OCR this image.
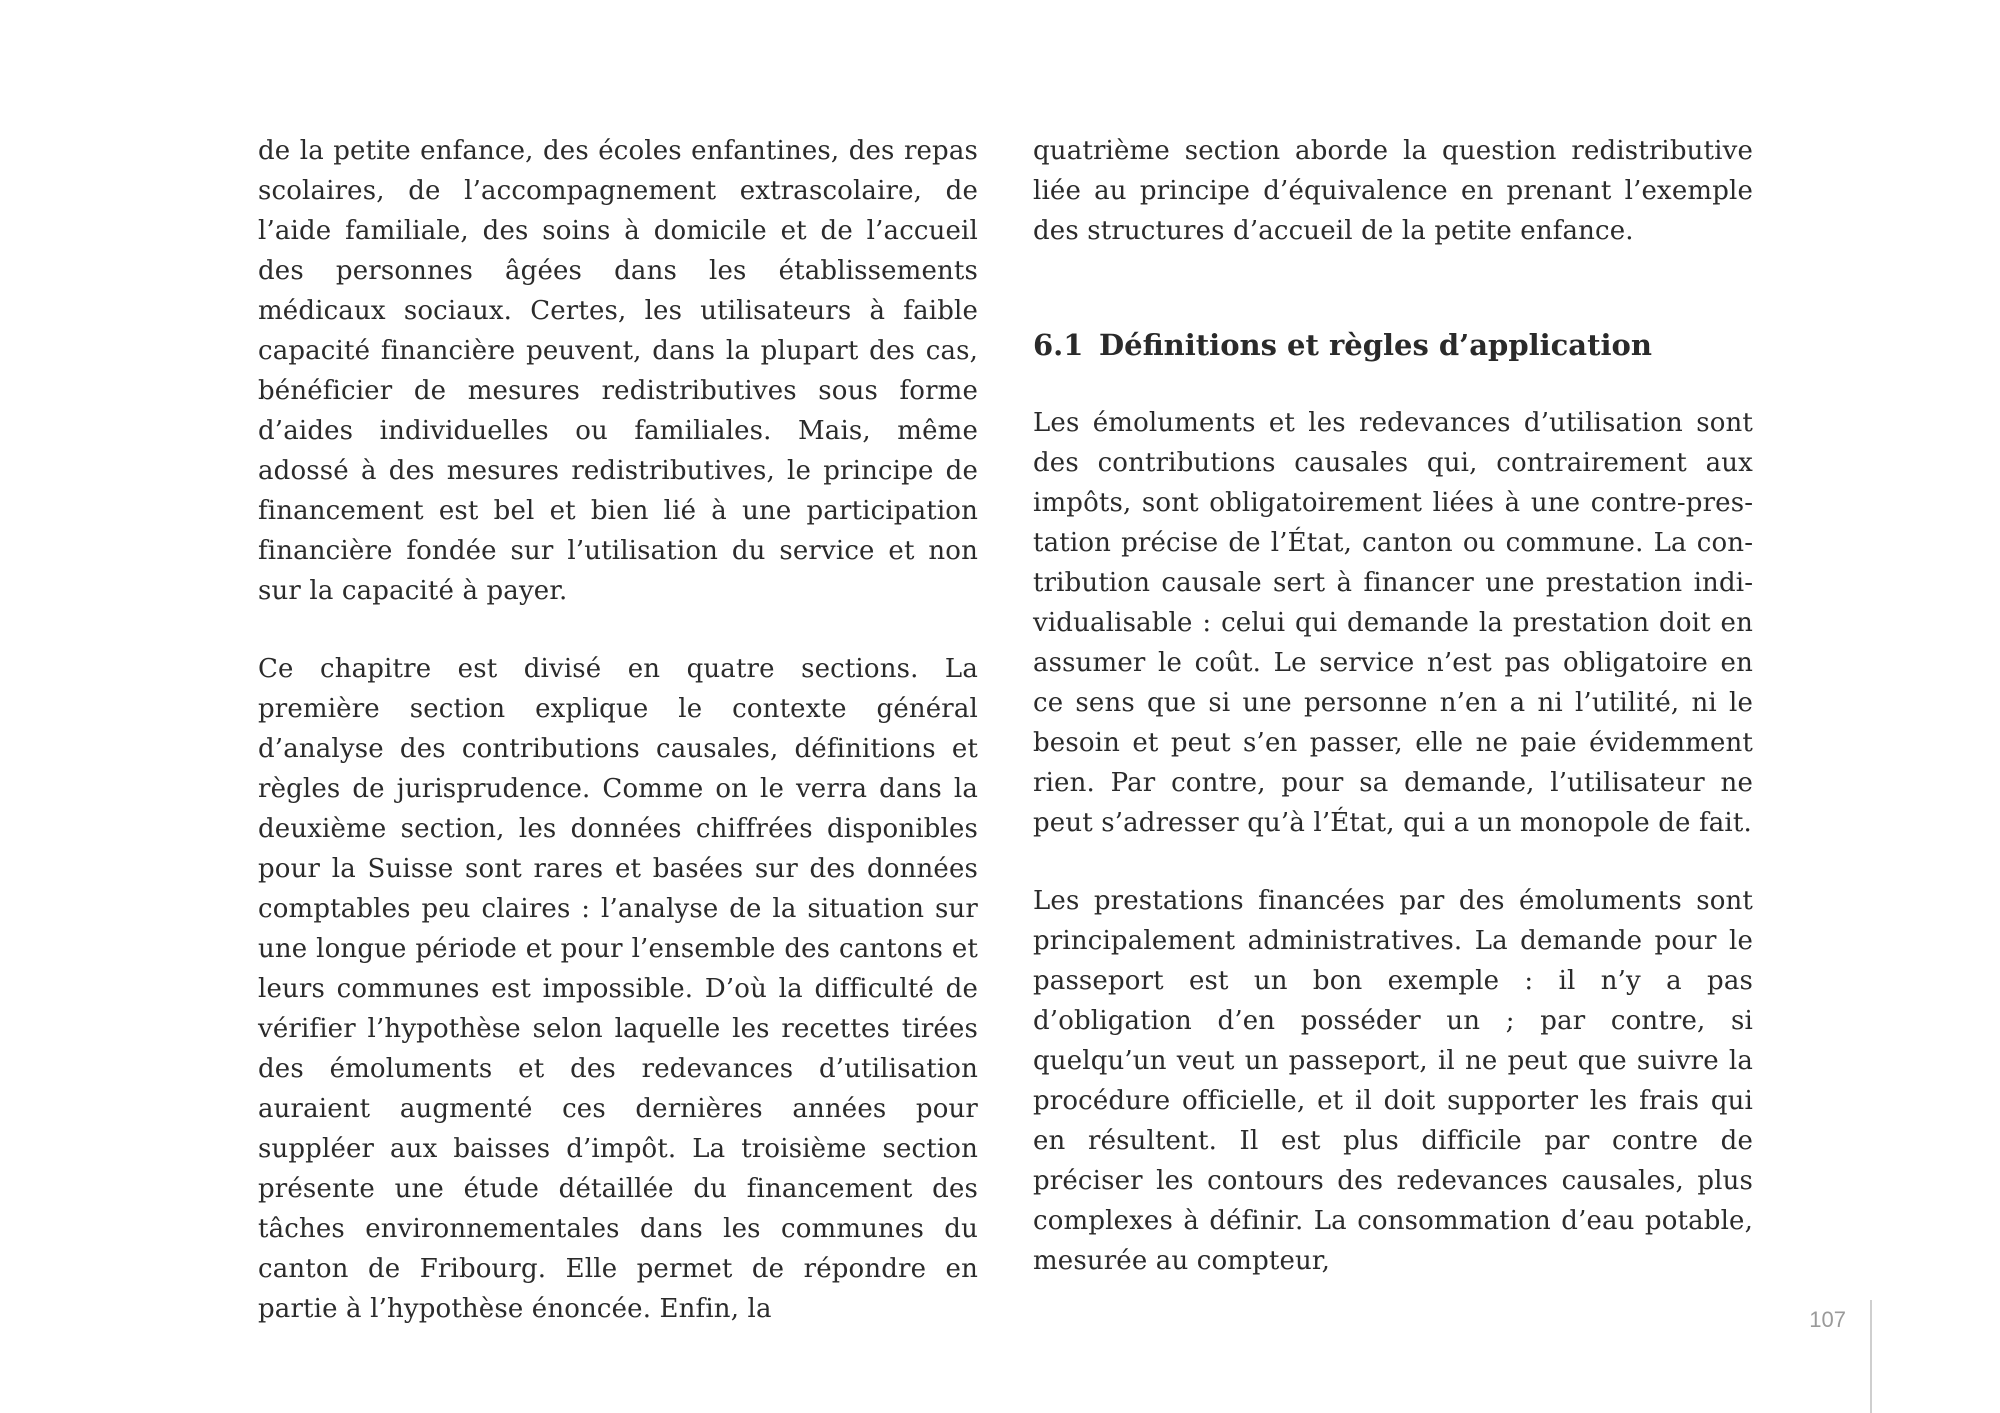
de la petite enfance, des écoles enfantines, des repas scolaires, de l’accompagnement extrascolaire, de l’aide familiale, des soins à domicile et de l’accueil des personnes âgées dans les établissements médicaux sociaux. Certes, les utilisateurs à faible capacité financière peuvent, dans la plupart des cas, bénéficier de mesures redistributives sous forme d’aides individuelles ou familiales. Mais, même adossé à des mesures redistributives, le principe de financement est bel et bien lié à une participation financière fondée sur l’utilisation du service et non sur la capacité à payer.

Ce chapitre est divisé en quatre sections. La première section explique le contexte général d’analyse des contributions causales, définitions et règles de jurisprudence. Comme on le verra dans la deuxième section, les données chiffrées disponibles pour la Suisse sont rares et basées sur des données comptables peu claires : l’analyse de la situation sur une longue période et pour l’ensemble des cantons et leurs communes est impossible. D’où la difficulté de vérifier l’hypothèse selon laquelle les recettes tirées des émoluments et des redevances d’utilisation auraient augmenté ces dernières années pour suppléer aux baisses d’impôt. La troisième section présente une étude détaillée du financement des tâches environnementales dans les communes du canton de Fribourg. Elle permet de répondre en partie à l’hypothèse énoncée. Enfin, la

quatrième section aborde la question redistributive liée au principe d’équivalence en prenant l’exemple des structures d’accueil de la petite enfance.

6.1 Définitions et règles d’application

Les émoluments et les redevances d’utilisation sont des contributions causales qui, contrairement aux impôts, sont obligatoirement liées à une contre-prestation précise de l’État, canton ou commune. La contribution causale sert à financer une prestation individualisable : celui qui demande la prestation doit en assumer le coût. Le service n’est pas obligatoire en ce sens que si une personne n’en a ni l’utilité, ni le besoin et peut s’en passer, elle ne paie évidemment rien. Par contre, pour sa demande, l’utilisateur ne peut s’adresser qu’à l’État, qui a un monopole de fait.

Les prestations financées par des émoluments sont principalement administratives. La demande pour le passeport est un bon exemple : il n’y a pas d’obligation d’en posséder un ; par contre, si quelqu’un veut un passeport, il ne peut que suivre la procédure officielle, et il doit supporter les frais qui en résultent. Il est plus difficile par contre de préciser les contours des redevances causales, plus complexes à définir. La consommation d’eau potable, mesurée au compteur,

107
